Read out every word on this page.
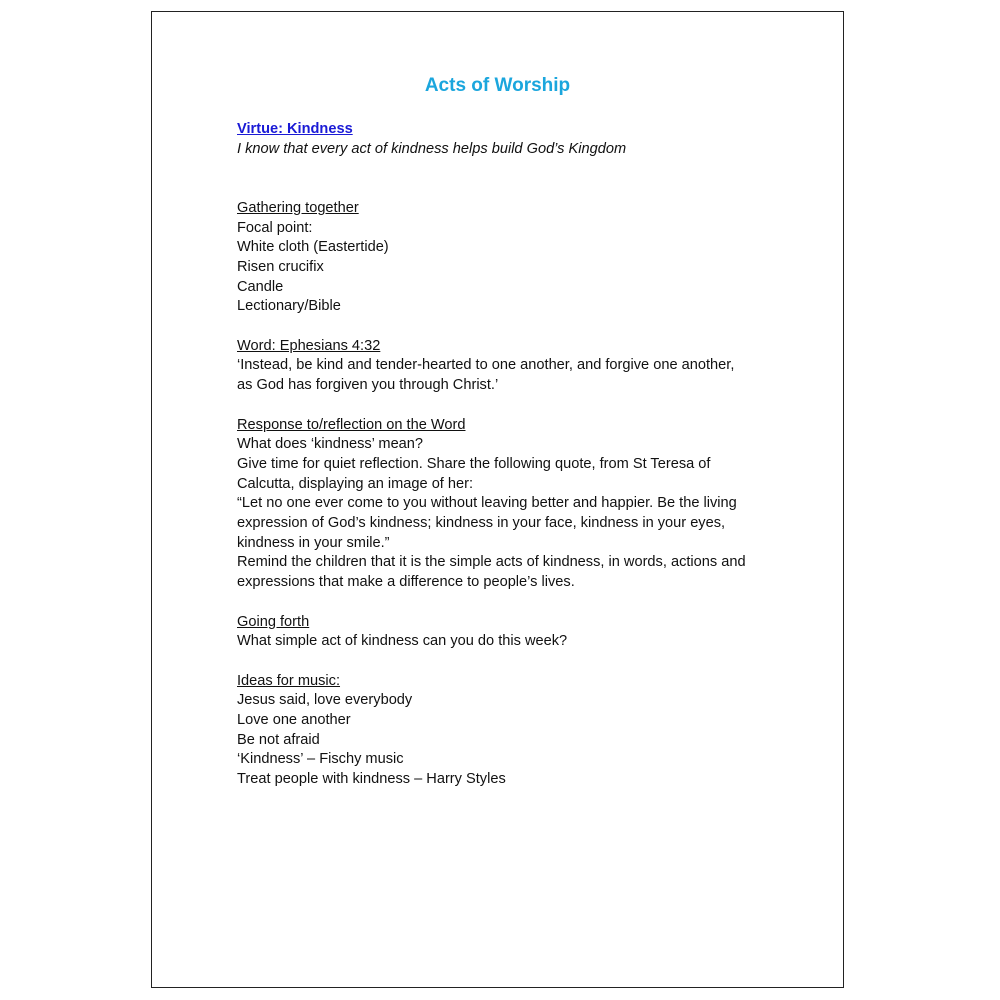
Acts of Worship
Virtue: Kindness
I know that every act of kindness helps build God’s Kingdom
Gathering together
Focal point:
White cloth (Eastertide)
Risen crucifix
Candle
Lectionary/Bible
Word: Ephesians 4:32
‘Instead, be kind and tender-hearted to one another, and forgive one another,
as God has forgiven you through Christ.’
Response to/reflection on the Word
What does ‘kindness’ mean?
Give time for quiet reflection. Share the following quote, from St Teresa of
Calcutta, displaying an image of her:
“Let no one ever come to you without leaving better and happier. Be the living
expression of God’s kindness; kindness in your face, kindness in your eyes,
kindness in your smile.”
Remind the children that it is the simple acts of kindness, in words, actions and
expressions that make a difference to people’s lives.
Going forth
What simple act of kindness can you do this week?
Ideas for music:
Jesus said, love everybody
Love one another
Be not afraid
‘Kindness’ – Fischy music
Treat people with kindness – Harry Styles
